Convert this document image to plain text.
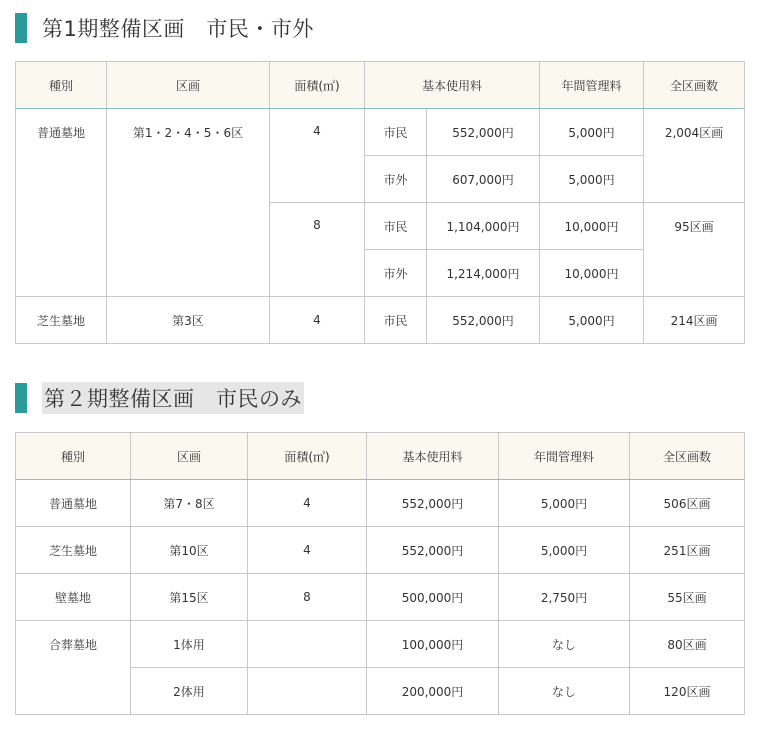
第1期整備区画　市民・市外
種別	区画	面積(㎡)	基本使用料		年間管理料	全区画数
普通墓地	第1・2・4・5・6区	4	市民	552,000円	5,000円	2,004区画
			市外	607,000円	5,000円	
		8	市民	1,104,000円	10,000円	95区画
			市外	1,214,000円	10,000円	
芝生墓地	第3区	4	市民	552,000円	5,000円	214区画
第２期整備区画　市民のみ
種別	区画	面積(㎡)	基本使用料	年間管理料	全区画数
普通墓地	第7・8区	4	552,000円	5,000円	506区画
芝生墓地	第10区	4	552,000円	5,000円	251区画
壁墓地	第15区	8	500,000円	2,750円	55区画
合葬墓地	1体用		100,000円	なし	80区画
	2体用		200,000円	なし	120区画
